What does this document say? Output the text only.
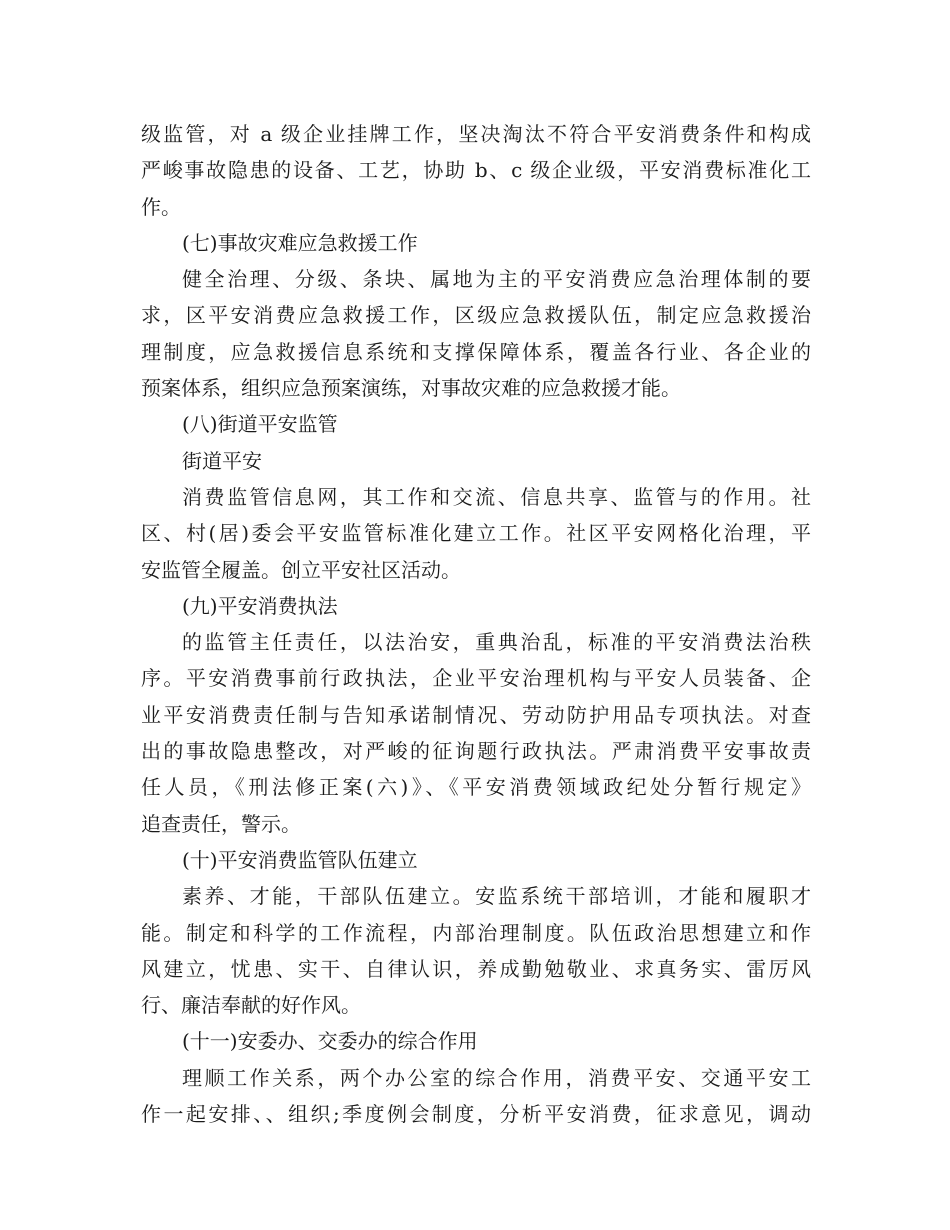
级监管，对 a 级企业挂牌工作，坚决淘汰不符合平安消费条件和构成
严峻事故隐患的设备、工艺，协助 b、c 级企业级，平安消费标准化工
作。
(七)事故灾难应急救援工作
健全治理、分级、条块、属地为主的平安消费应急治理体制的要
求，区平安消费应急救援工作，区级应急救援队伍，制定应急救援治
理制度，应急救援信息系统和支撑保障体系，覆盖各行业、各企业的
预案体系，组织应急预案演练，对事故灾难的应急救援才能。
(八)街道平安监管
街道平安
消费监管信息网，其工作和交流、信息共享、监管与的作用。社
区、村(居)委会平安监管标准化建立工作。社区平安网格化治理，平
安监管全履盖。创立平安社区活动。
(九)平安消费执法
的监管主任责任，以法治安，重典治乱，标准的平安消费法治秩
序。平安消费事前行政执法，企业平安治理机构与平安人员装备、企
业平安消费责任制与告知承诺制情况、劳动防护用品专项执法。对查
出的事故隐患整改，对严峻的征询题行政执法。严肃消费平安事故责
任人员，《刑法修正案(六)》、《平安消费领域政纪处分暂行规定》
追查责任，警示。
(十)平安消费监管队伍建立
素养、才能，干部队伍建立。安监系统干部培训，才能和履职才
能。制定和科学的工作流程，内部治理制度。队伍政治思想建立和作
风建立，忧患、实干、自律认识，养成勤勉敬业、求真务实、雷厉风
行、廉洁奉献的好作风。
(十一)安委办、交委办的综合作用
理顺工作关系，两个办公室的综合作用，消费平安、交通平安工
作一起安排、、组织;季度例会制度，分析平安消费，征求意见，调动
